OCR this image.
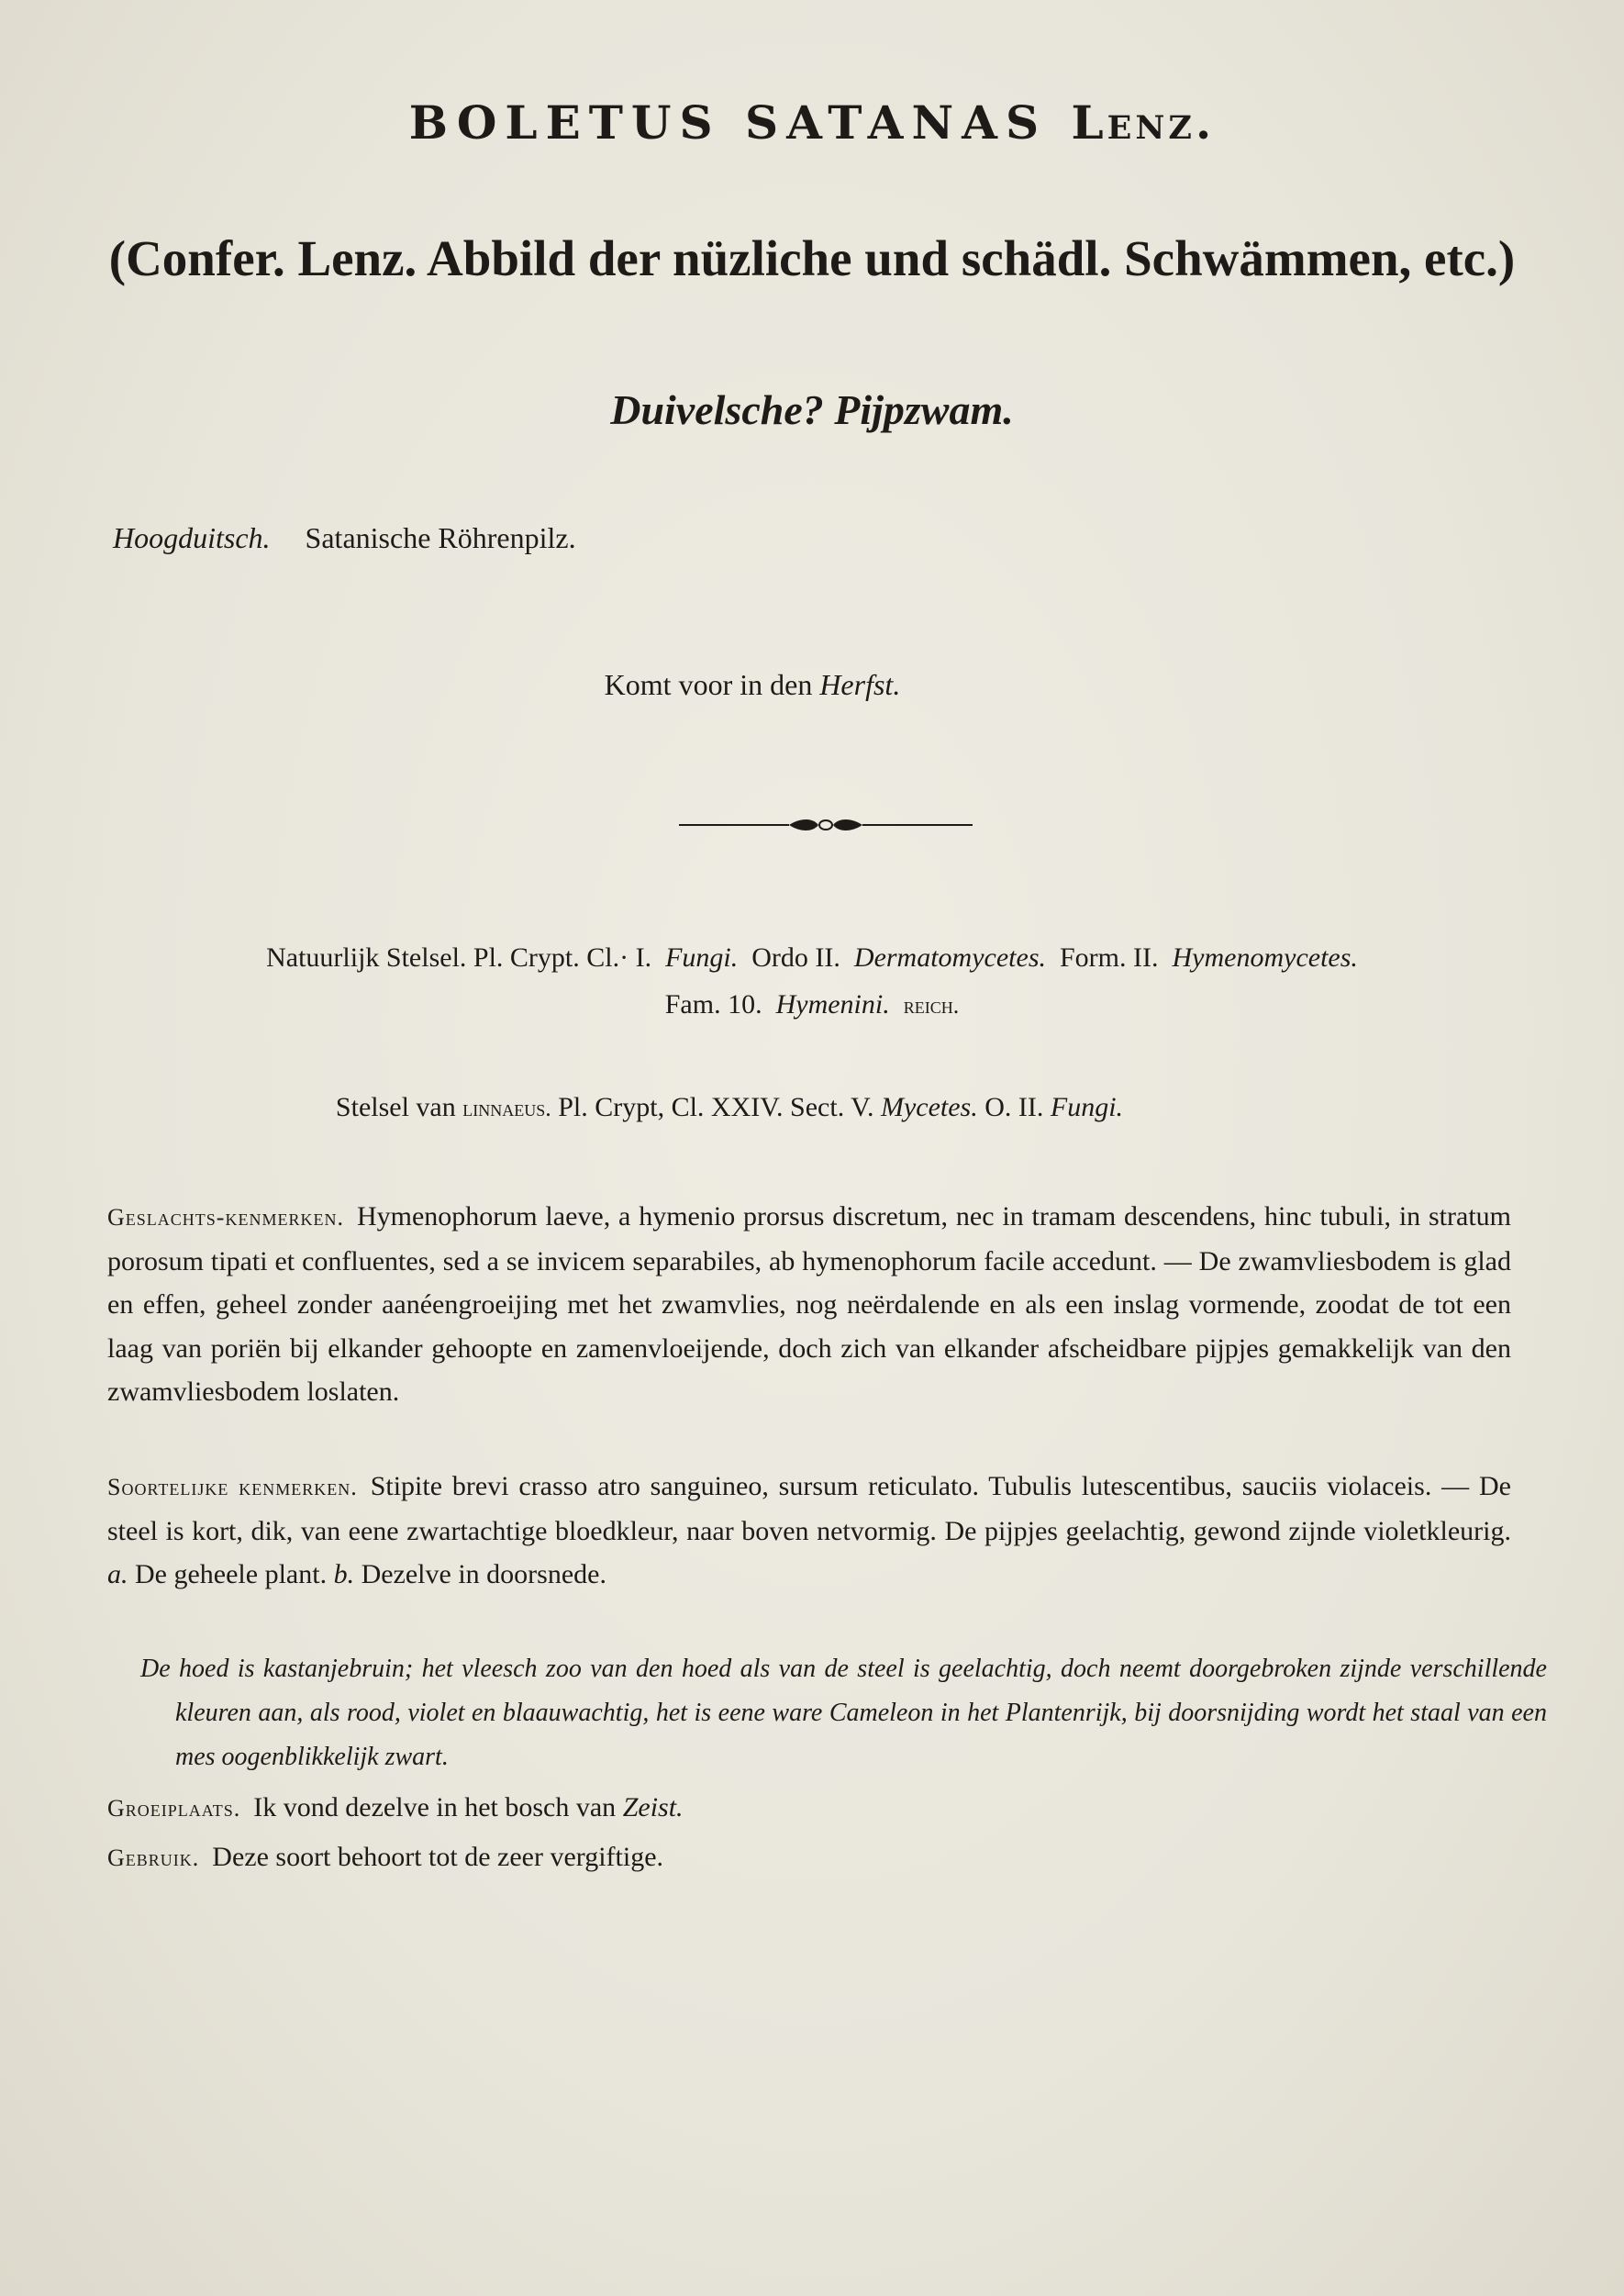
BOLETUS SATANAS Lenz.
(Confer. Lenz. Abbild der nüzliche und schädl. Schwämmen, etc.)
Duivelsche? Pijpzwam.
Hoogduitsch. Satanische Röhrenpilz.
Komt voor in den Herfst.
Natuurlijk Stelsel. Pl. Crypt. Cl.· I. Fungi. Ordo II. Dermatomycetes. Form. II. Hymenomycetes.
Fam. 10. Hymenini. reich.
Stelsel van linnaeus. Pl. Crypt, Cl. XXIV. Sect. V. Mycetes. O. II. Fungi.
Geslachts-kenmerken. Hymenophorum laeve, a hymenio prorsus discretum, nec in tramam descendens, hinc tubuli, in stratum porosum tipati et confluentes, sed a se invicem separabiles, ab hymenophorum facile accedunt. — De zwamvliesbodem is glad en effen, geheel zonder aanéengroeijing met het zwamvlies, nog neërdalende en als een inslag vormende, zoodat de tot een laag van poriën bij elkander gehoopte en zamenvloeijende, doch zich van elkander afscheidbare pijpjes gemakkelijk van den zwamvliesbodem loslaten.
Soortelijke kenmerken. Stipite brevi crasso atro sanguineo, sursum reticulato. Tubulis lutescentibus, sauciis violaceis. — De steel is kort, dik, van eene zwartachtige bloedkleur, naar boven netvormig. De pijpjes geelachtig, gewond zijnde violetkleurig. a. De geheele plant. b. Dezelve in doorsnede.
De hoed is kastanjebruin; het vleesch zoo van den hoed als van de steel is geelachtig, doch neemt doorgebroken zijnde verschillende kleuren aan, als rood, violet en blaauwachtig, het is eene ware Cameleon in het Plantenrijk, bij doorsnijding wordt het staal van een mes oogenblikkelijk zwart.
Groeiplaats. Ik vond dezelve in het bosch van Zeist.
Gebruik. Deze soort behoort tot de zeer vergiftige.
